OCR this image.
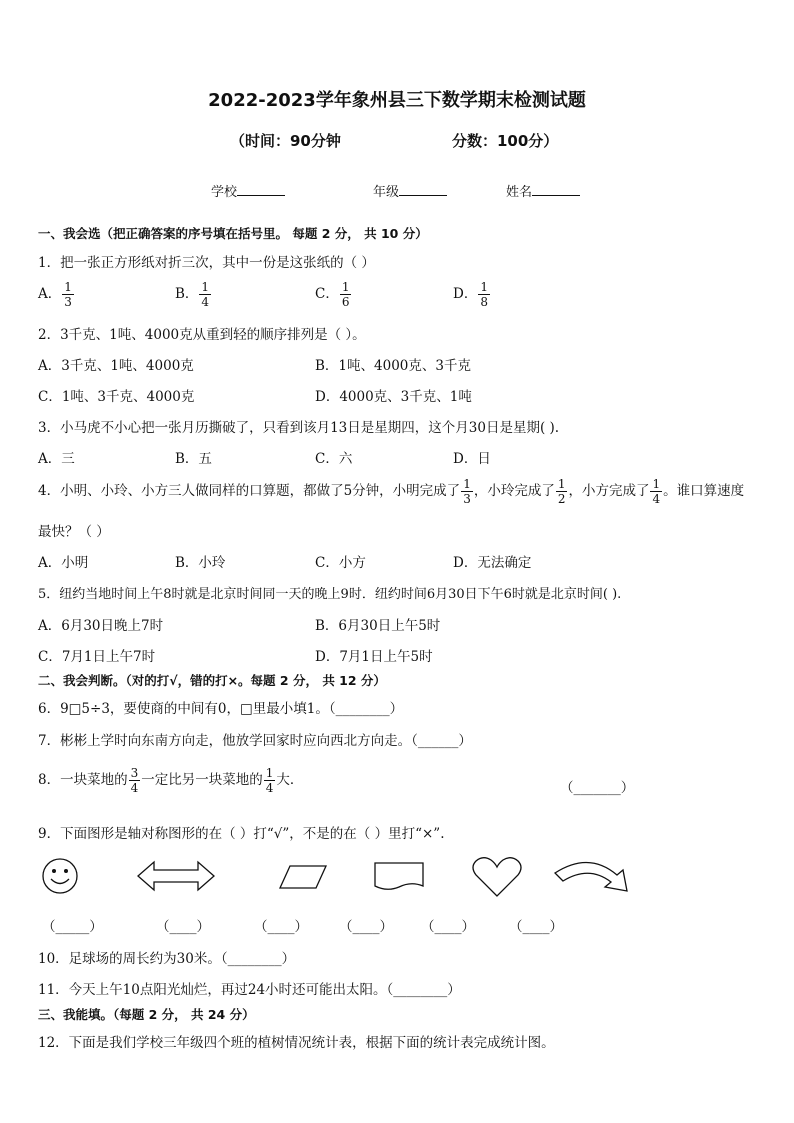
2022-2023学年象州县三下数学期末检测试题
（时间：90分钟	分数：100分）
学校	年级	姓名
一、我会选（把正确答案的序号填在括号里。 每题 2 分， 共 10 分）
1．把一张正方形纸对折三次，其中一份是这张纸的（ ）
A． $\frac{1}{3}$	B． $\frac{1}{4}$	C． $\frac{1}{6}$	D． $\frac{1}{8}$
2．3千克、1吨、4000克从重到轻的顺序排列是（ ）。
A．3千克、1吨、4000克	B．1吨、4000克、3千克
C．1吨、3千克、4000克	D．4000克、3千克、1吨
3．小马虎不小心把一张月历撕破了，只看到该月13日是星期四，这个月30日是星期( ).
A．三	B．五	C．六	D．日
4．小明、小玲、小方三人做同样的口算题，都做了5分钟，小明完成了 $\frac{1}{3}$ ，小玲完成了 $\frac{1}{2}$ ，小方完成了 $\frac{1}{4}$ 。谁口算速度
最快？（ ）
A．小明	B．小玲	C．小方	D．无法确定
5．纽约当地时间上午8时就是北京时间同一天的晚上9时．纽约时间6月30日下午6时就是北京时间( ).
A．6月30日晚上7时	B．6月30日上午5时
C．7月1日上午7时	D．7月1日上午5时
二、我会判断。（对的打√，错的打×。每题 2 分， 共 12 分）
6．9□5÷3，要使商的中间有0，□里最小填1。（________）
7．彬彬上学时向东南方向走，他放学回家时应向西北方向走。（______）
8．一块菜地的 $\frac{3}{4}$ 一定比另一块菜地的 $\frac{1}{4}$ 大．	（_______）
9．下面图形是轴对称图形的在（ ）打“√”，不是的在（ ）里打“×”.
（_____）	（____）	（____） （____） （____）	（____）
10．足球场的周长约为30米。（________）
11．今天上午10点阳光灿烂，再过24小时还可能出太阳。（________）
三、我能填。（每题 2 分， 共 24 分）
12．下面是我们学校三年级四个班的植树情况统计表，根据下面的统计表完成统计图。
